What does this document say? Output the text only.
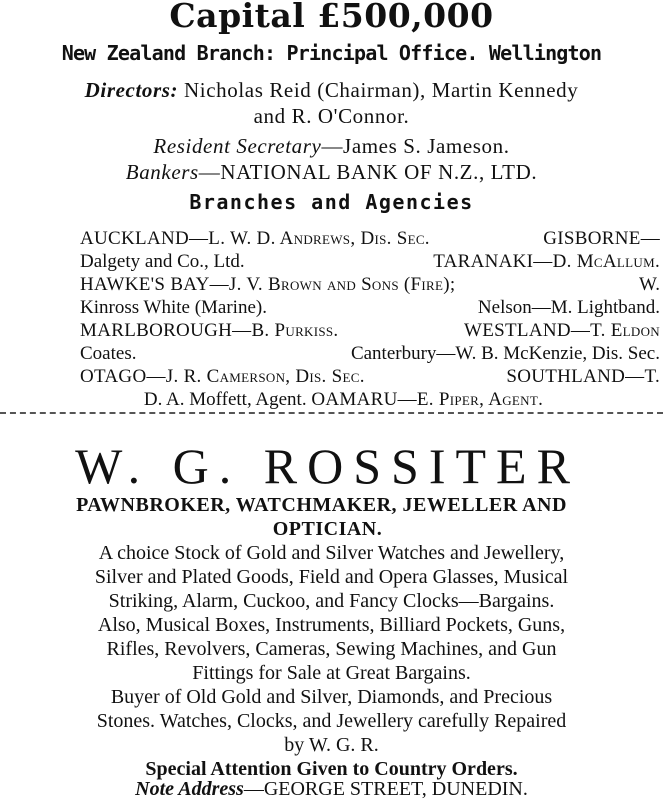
Capital £500,000
New Zealand Branch: Principal Office. Wellington
Directors: Nicholas Reid (Chairman), Martin Kennedy
and R. O'Connor.
Resident Secretary—James S. Jameson.
Bankers—NATIONAL BANK OF N.Z., LTD.
Branches and Agencies
AUCKLAND—L. W. D. Andrews, Dis. Sec.	GISBORNE—
Dalgety and Co., Ltd.	TARANAKI—D. McAllum.
HAWKE'S BAY—J. V. Brown and Sons (Fire);	W.
Kinross White (Marine).	Nelson—M. Lightband.
MARLBOROUGH—B. Purkiss.	WESTLAND—T. Eldon
Coates.	Canterbury—W. B. McKenzie, Dis. Sec.
OTAGO—J. R. Camerson, Dis. Sec.	SOUTHLAND—T.
D. A. Moffett, Agent. OAMARU—E. Piper, Agent.
W. G. ROSSITER
PAWNBROKER, WATCHMAKER, JEWELLER AND
OPTICIAN.
A choice Stock of Gold and Silver Watches and Jewellery,
Silver and Plated Goods, Field and Opera Glasses, Musical
Striking, Alarm, Cuckoo, and Fancy Clocks—Bargains.
Also, Musical Boxes, Instruments, Billiard Pockets, Guns,
Rifles, Revolvers, Cameras, Sewing Machines, and Gun
Fittings for Sale at Great Bargains.
Buyer of Old Gold and Silver, Diamonds, and Precious
Stones. Watches, Clocks, and Jewellery carefully Repaired
by W. G. R.
Special Attention Given to Country Orders.
Note Address—GEORGE STREET, DUNEDIN.
